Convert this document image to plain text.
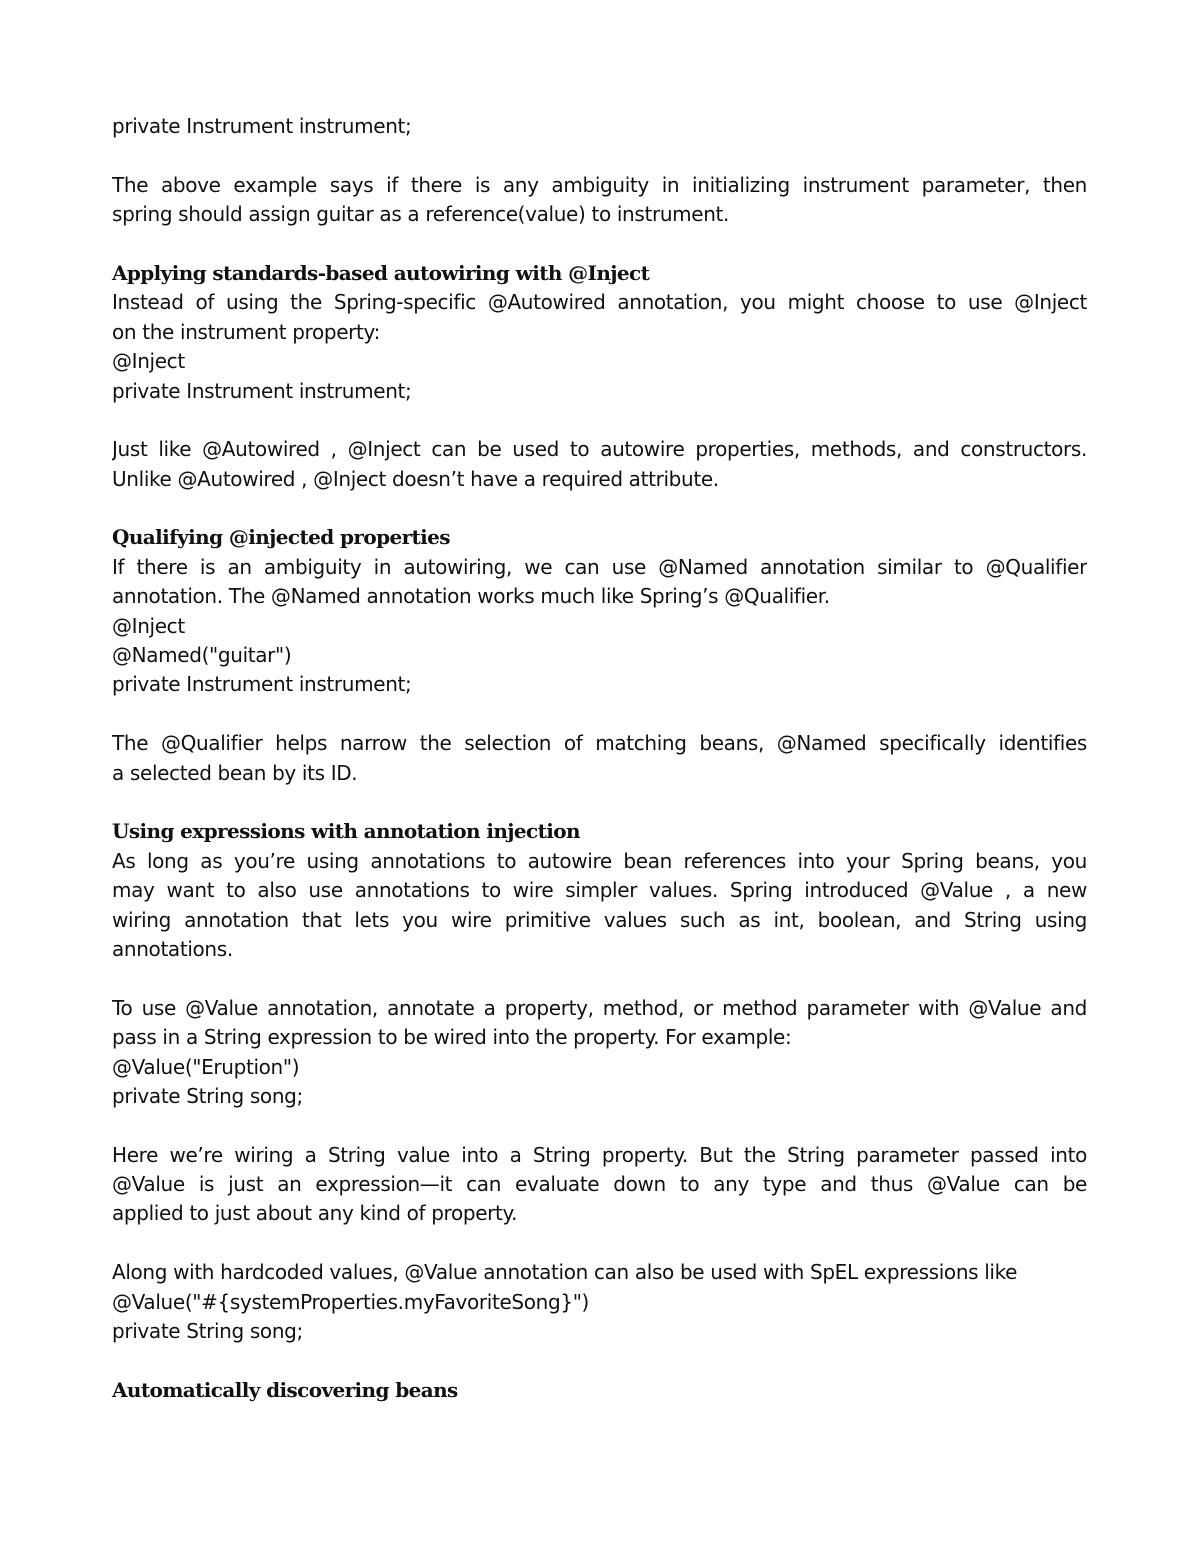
private Instrument instrument;
The above example says if there is any ambiguity in initializing instrument parameter, then
spring should assign guitar as a reference(value) to instrument.
Applying standards-based autowiring with @Inject
Instead of using the Spring-specific @Autowired annotation, you might choose to use @Inject
on the instrument property:
@Inject
private Instrument instrument;
Just like @Autowired , @Inject can be used to autowire properties, methods, and constructors.
Unlike @Autowired , @Inject doesn’t have a required attribute.
Qualifying @injected properties
If there is an ambiguity in autowiring, we can use @Named annotation similar to @Qualifier
annotation. The @Named annotation works much like Spring’s @Qualifier.
@Inject
@Named("guitar")
private Instrument instrument;
The @Qualifier helps narrow the selection of matching beans, @Named specifically identifies
a selected bean by its ID.
Using expressions with annotation injection
As long as you’re using annotations to autowire bean references into your Spring beans, you
may want to also use annotations to wire simpler values. Spring introduced @Value , a new
wiring annotation that lets you wire primitive values such as int, boolean, and String using
annotations.
To use @Value annotation, annotate a property, method, or method parameter with @Value and
pass in a String expression to be wired into the property. For example:
@Value("Eruption")
private String song;
Here we’re wiring a String value into a String property. But the String parameter passed into
@Value is just an expression—it can evaluate down to any type and thus @Value can be
applied to just about any kind of property.
Along with hardcoded values, @Value annotation can also be used with SpEL expressions like
@Value("#{systemProperties.myFavoriteSong}")
private String song;
Automatically discovering beans
